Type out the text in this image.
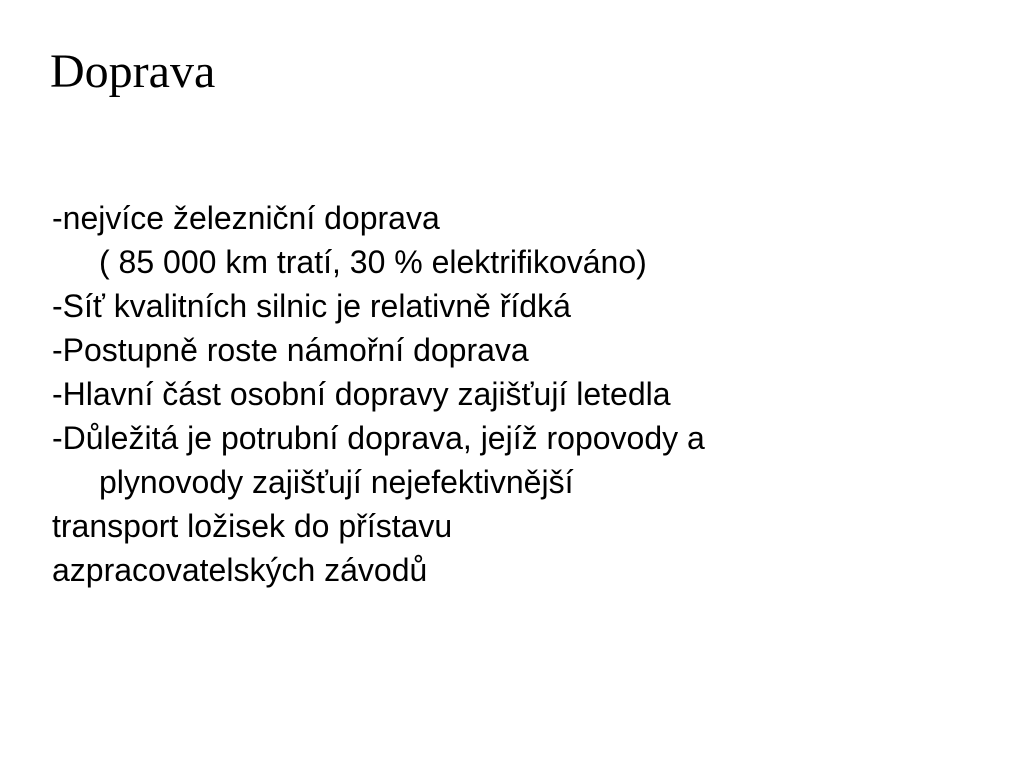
Doprava
-nejvíce železniční doprava
( 85 000 km tratí, 30 % elektrifikováno)
-Síť kvalitních silnic je relativně řídká
-Postupně roste námořní doprava
-Hlavní část osobní dopravy zajišťují letedla
-Důležitá je potrubní doprava, jejíž ropovody a
plynovody zajišťují nejefektivnější
transport ložisek do přístavu
azpracovatelských závodů
